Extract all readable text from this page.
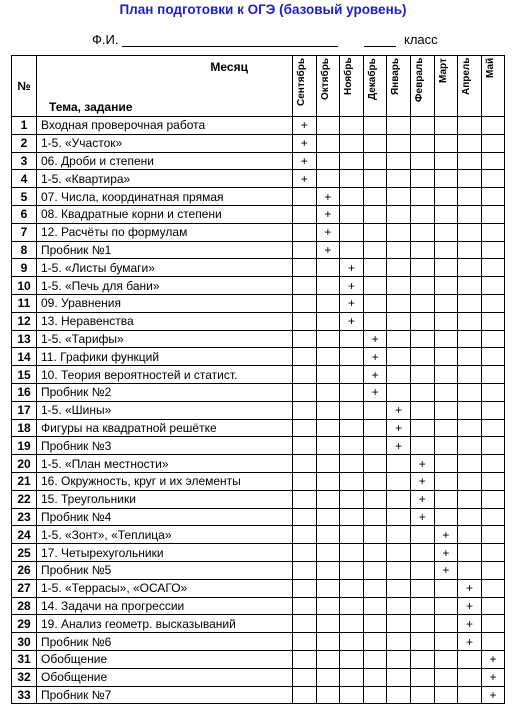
План подготовки к ОГЭ (базовый уровень)
Ф.И.	класс
№	Месяц
Тема, задание	Сентябрь	Октябрь	Ноябрь	Декабрь	Январь	Февраль	Март	Апрель	Май

1	Входная проверочная работа	+								
2	1-5. «Участок»	+								
3	06. Дроби и степени	+								
4	1-5. «Квартира»	+								
5	07. Числа, координатная прямая		+							
6	08. Квадратные корни и степени		+							
7	12. Расчёты по формулам		+							
8	Пробник №1		+							
9	1-5. «Листы бумаги»			+						
10	1-5. «Печь для бани»			+						
11	09. Уравнения			+						
12	13. Неравенства			+						
13	1-5. «Тарифы»				+					
14	11. Графики функций				+					
15	10. Теория вероятностей и статист.				+					
16	Пробник №2				+					
17	1-5. «Шины»					+				
18	Фигуры на квадратной решётке					+				
19	Пробник №3					+				
20	1-5. «План местности»						+			
21	16. Окружность, круг и их элементы						+			
22	15. Треугольники						+			
23	Пробник №4						+			
24	1-5. «Зонт», «Теплица»							+		
25	17. Четырехугольники							+		
26	Пробник №5							+		
27	1-5. «Террасы», «ОСАГО»								+	
28	14. Задачи на прогрессии								+	
29	19. Анализ геометр. высказываний								+	
30	Пробник №6								+	
31	Обобщение									+
32	Обобщение									+
33	Пробник №7									+
